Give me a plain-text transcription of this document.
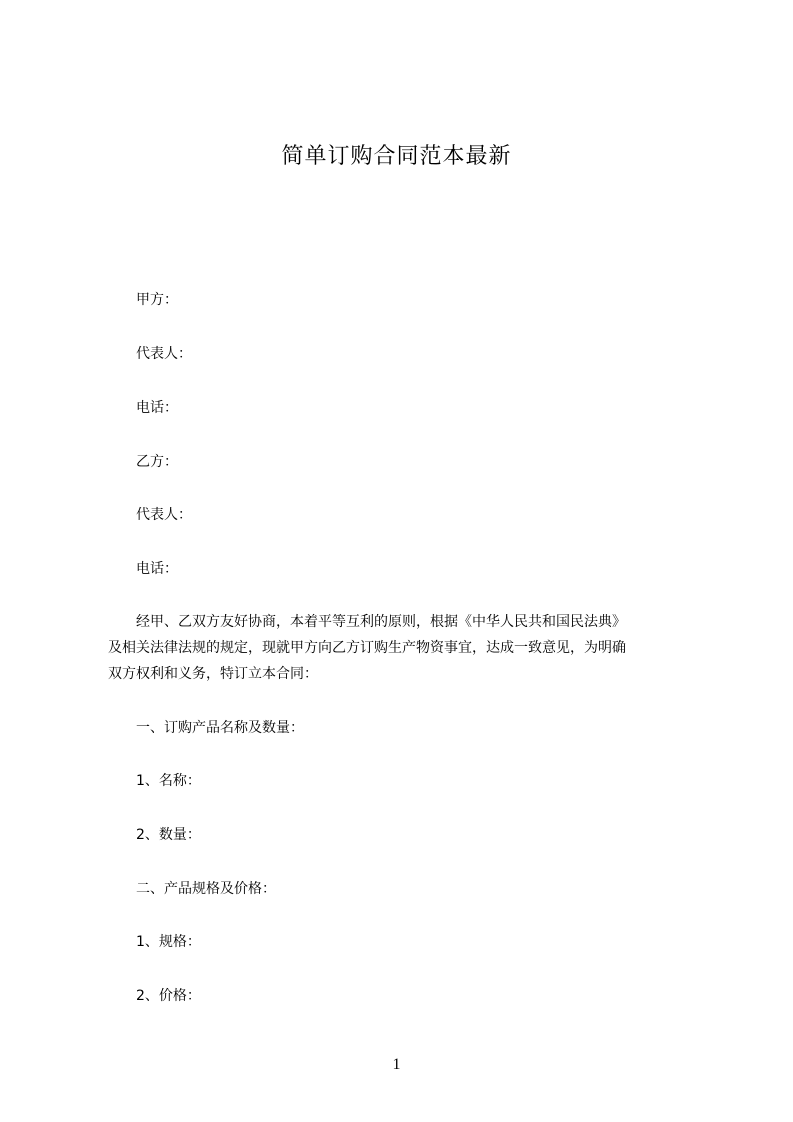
简单订购合同范本最新
甲方：
代表人：
电话：
乙方：
代表人：
电话：
　经甲、乙双方友好协商，本着平等互利的原则，根据《中华人民共和国民法典》
及相关法律法规的规定，现就甲方向乙方订购生产物资事宜，达成一致意见，为明确
双方权利和义务，特订立本合同：
一、订购产品名称及数量：
1、名称：
2、数量：
二、产品规格及价格：
1、规格：
2、价格：
1
